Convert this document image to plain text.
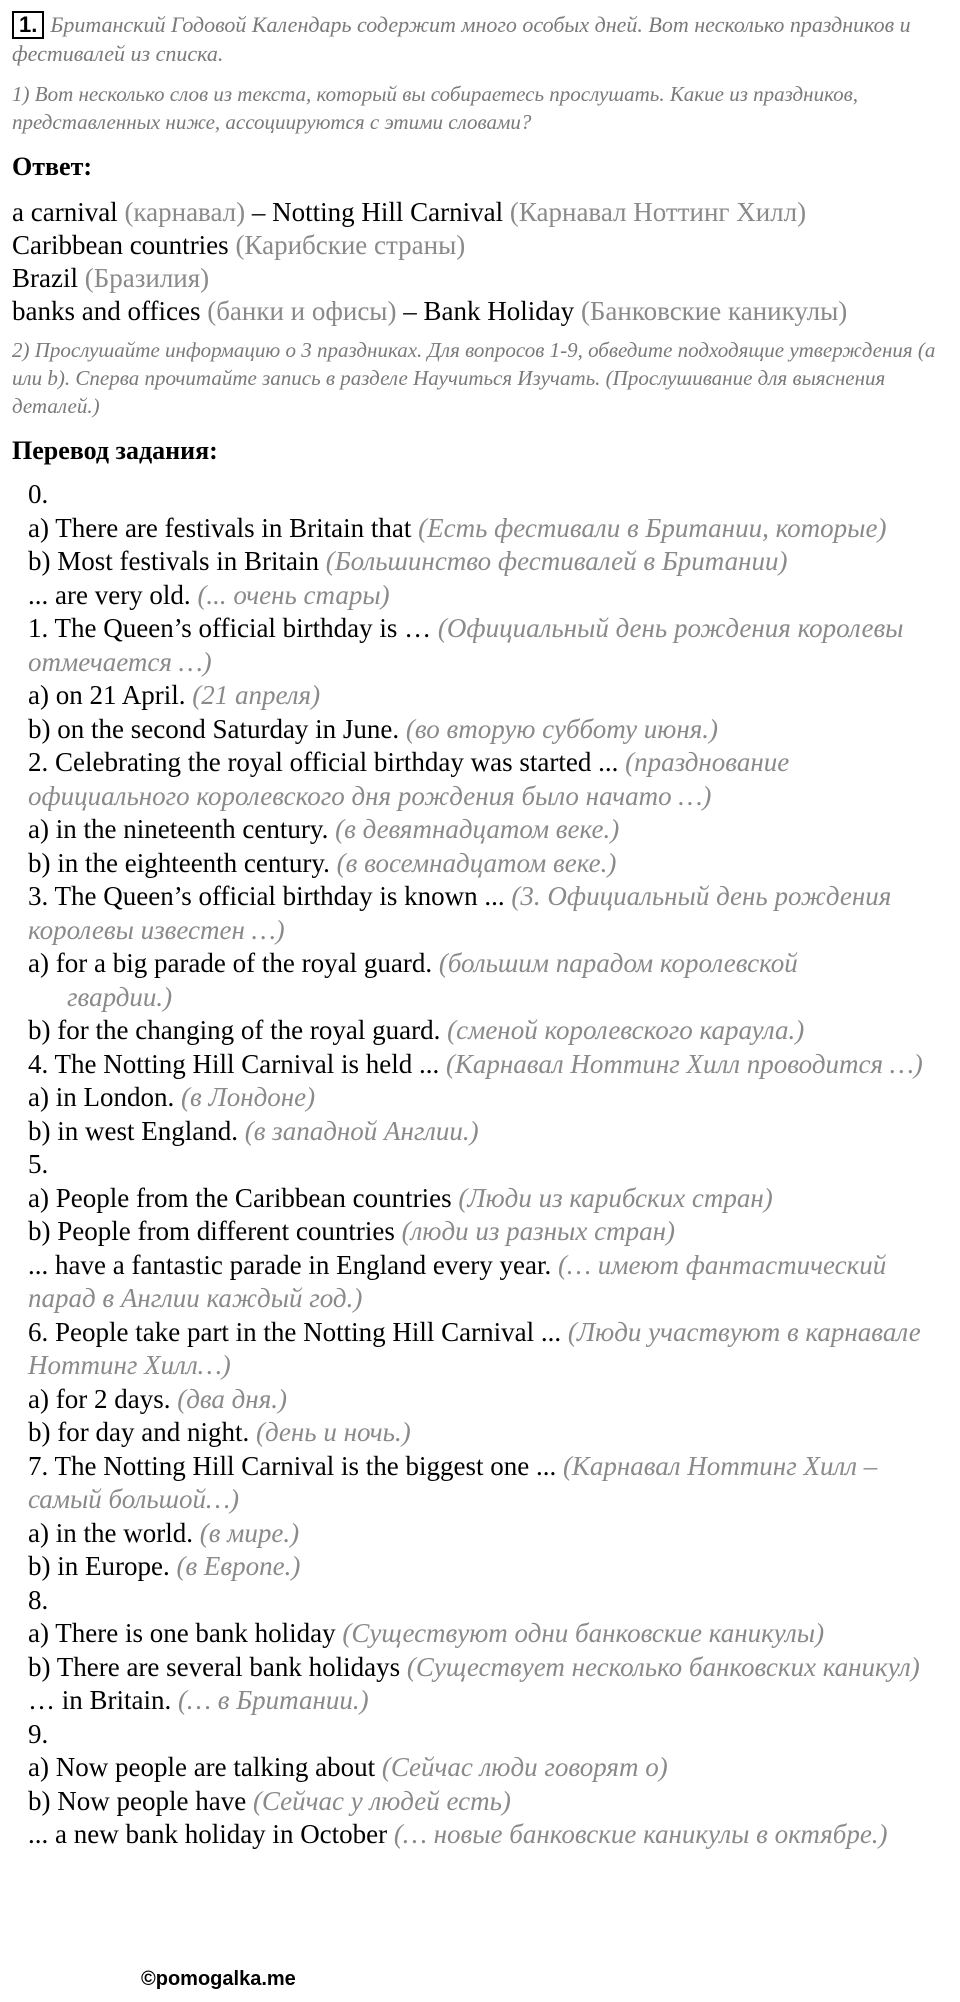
1. Британский Годовой Календарь содержит много особых дней. Вот несколько праздников и фестивалей из списка.
1) Вот несколько слов из текста, который вы собираетесь прослушать. Какие из праздников, представленных ниже, ассоциируются с этими словами?
Ответ:
a carnival (карнавал) – Notting Hill Carnival (Карнавал Ноттинг Хилл)
Caribbean countries (Карибские страны)
Brazil (Бразилия)
banks and offices (банки и офисы) – Bank Holiday (Банковские каникулы)
2) Прослушайте информацию о 3 праздниках. Для вопросов 1-9, обведите подходящие утверждения (a или b). Сперва прочитайте запись в разделе Научиться Изучать. (Прослушивание для выяснения деталей.)
Перевод задания:
0.
a) There are festivals in Britain that (Есть фестивали в Британии, которые)
b) Most festivals in Britain (Большинство фестивалей в Британии)
... are very old. (... очень стары)
1. The Queen’s official birthday is … (Официальный день рождения королевы отмечается …)
a) on 21 April. (21 апреля)
b) on the second Saturday in June. (во вторую субботу июня.)
2. Celebrating the royal official birthday was started ... (празднование официального королевского дня рождения было начато …)
a) in the nineteenth century. (в девятнадцатом веке.)
b) in the eighteenth century. (в восемнадцатом веке.)
3. The Queen’s official birthday is known ... (3. Официальный день рождения королевы известен …)
a) for a big parade of the royal guard. (большим парадом королевской
гвардии.)
b) for the changing of the royal guard. (сменой королевского караула.)
4. The Notting Hill Carnival is held ... (Карнавал Ноттинг Хилл проводится …)
a) in London. (в Лондоне)
b) in west England. (в западной Англии.)
5.
a) People from the Caribbean countries (Люди из карибских стран)
b) People from different countries (люди из разных стран)
... have a fantastic parade in England every year. (… имеют фантастический парад в Англии каждый год.)
6. People take part in the Notting Hill Carnival ... (Люди участвуют в карнавале Ноттинг Хилл…)
a) for 2 days. (два дня.)
b) for day and night. (день и ночь.)
7. The Notting Hill Carnival is the biggest one ... (Карнавал Ноттинг Хилл – самый большой…)
a) in the world. (в мире.)
b) in Europe. (в Европе.)
8.
a) There is one bank holiday (Существуют одни банковские каникулы)
b) There are several bank holidays (Существует несколько банковских каникул)
… in Britain. (… в Британии.)
9.
a) Now people are talking about (Сейчас люди говорят о)
b) Now people have (Сейчас у людей есть)
... a new bank holiday in October (… новые банковские каникулы в октябре.)
©pomogalka.me
